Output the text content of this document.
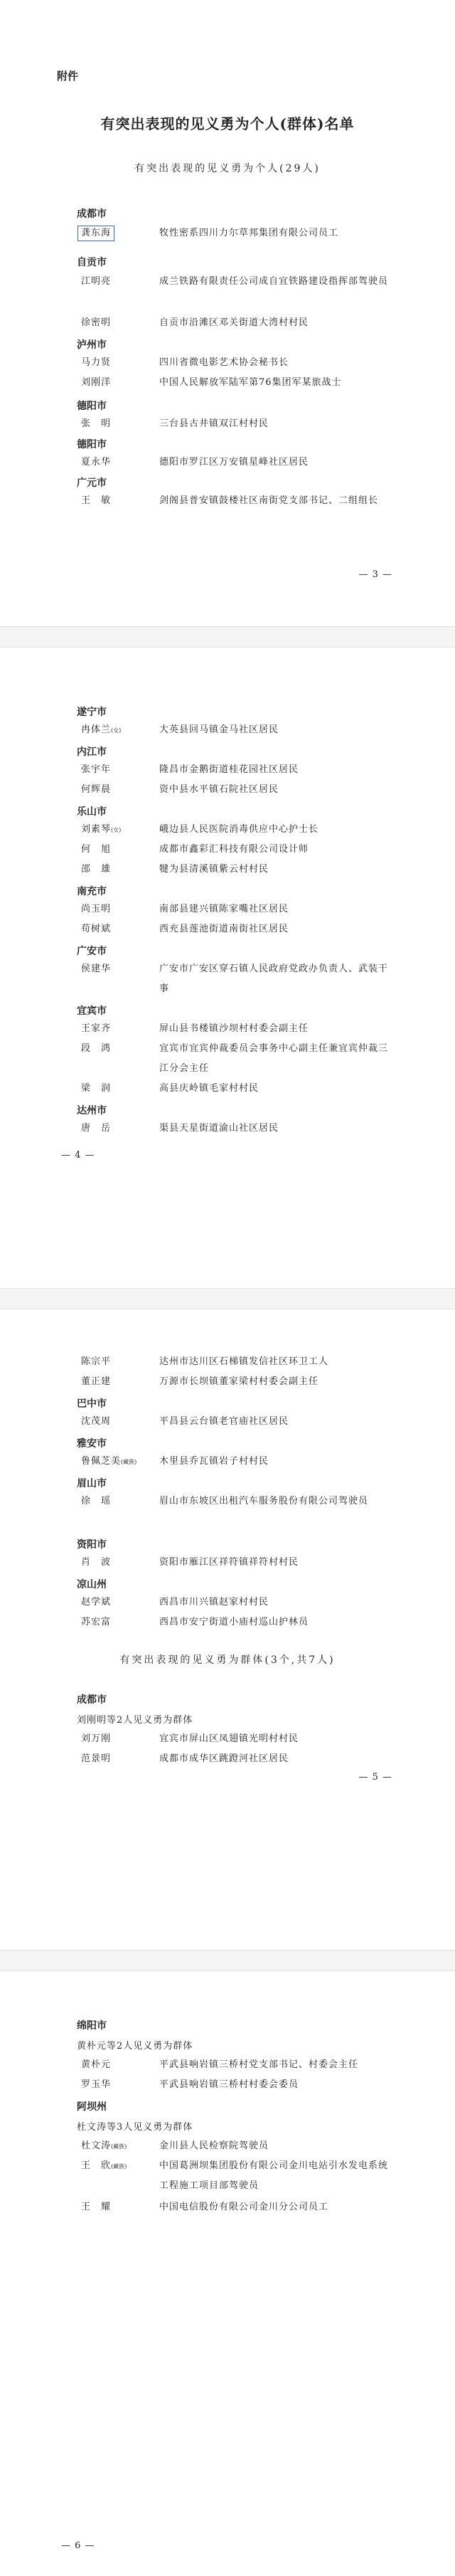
附件
有突出表现的见义勇为个人(群体)名单
有突出表现的见义勇为个人(29人)
成都市
龚东海	牧性密系四川力尔草邦集团有限公司员工
自贡市
江明亮	成兰铁路有限责任公司成自宜铁路建设指挥部驾驶员
徐密明	自贡市沿滩区邓关街道大湾村村民
泸州市
马力贤	四川省微电影艺术协会秘书长
刘刚洋	中国人民解放军陆军第76集团军某旅战士
德阳市
张　明	三台县古井镇双江村村民
德阳市
夏永华	德阳市罗江区万安镇星峰社区居民
广元市
王　敏	剑阁县普安镇鼓楼社区南街党支部书记、二组组长
— 3 —
遂宁市
冉体兰(女)	大英县回马镇金马社区居民
内江市
张宇年	隆昌市金鹅街道桂花园社区居民
何辉晨	资中县水平镇石院社区居民
乐山市
刘素琴(女)	峨边县人民医院消毒供应中心护士长
何　旭	成都市鑫彩汇科技有限公司设计师
邵　雄	犍为县清溪镇紫云村村民
南充市
尚玉明	南部县建兴镇陈家嘴社区居民
苟树斌	西充县莲池街道南街社区居民
广安市
侯建华	广安市广安区穿石镇人民政府党政办负责人、武装干事
宜宾市
王家齐	屏山县书楼镇沙坝村村委会副主任
段　鸿	宜宾市宜宾仲裁委员会事务中心副主任兼宜宾仲裁三江分会主任
梁　润	高县庆岭镇毛家村村民
达州市
唐　岳	渠县天星街道渝山社区居民
— 4 —
陈宗平	达州市达川区石梯镇发信社区环卫工人
董正建	万源市长坝镇董家梁村村委会副主任
巴中市
沈茂周	平昌县云台镇老官庙社区居民
雅安市
鲁佩芝美(藏族)	木里县乔瓦镇岩子村村民
眉山市
徐　瑶	眉山市东坡区出租汽车服务股份有限公司驾驶员
资阳市
肖　波	资阳市雁江区祥符镇祥符村村民
凉山州
赵学斌	西昌市川兴镇赵家村村民
苏宏富	西昌市安宁街道小庙村巡山护林员
有突出表现的见义勇为群体(3个,共7人)
成都市
刘刚明等2人见义勇为群体
刘万刚	宜宾市屏山区凤翅镇光明村村民
范景明	成都市成华区跳蹬河社区居民
— 5 —
绵阳市
黄朴元等2人见义勇为群体
黄朴元	平武县响岩镇三桥村党支部书记、村委会主任
罗玉华	平武县响岩镇三桥村村委会委员
阿坝州
杜文涛等3人见义勇为群体
杜文涛(藏族)	金川县人民检察院驾驶员
王　欣(藏族)	中国葛洲坝集团股份有限公司金川电站引水发电系统工程施工项目部驾驶员
王　耀	中国电信股份有限公司金川分公司员工
— 6 —
